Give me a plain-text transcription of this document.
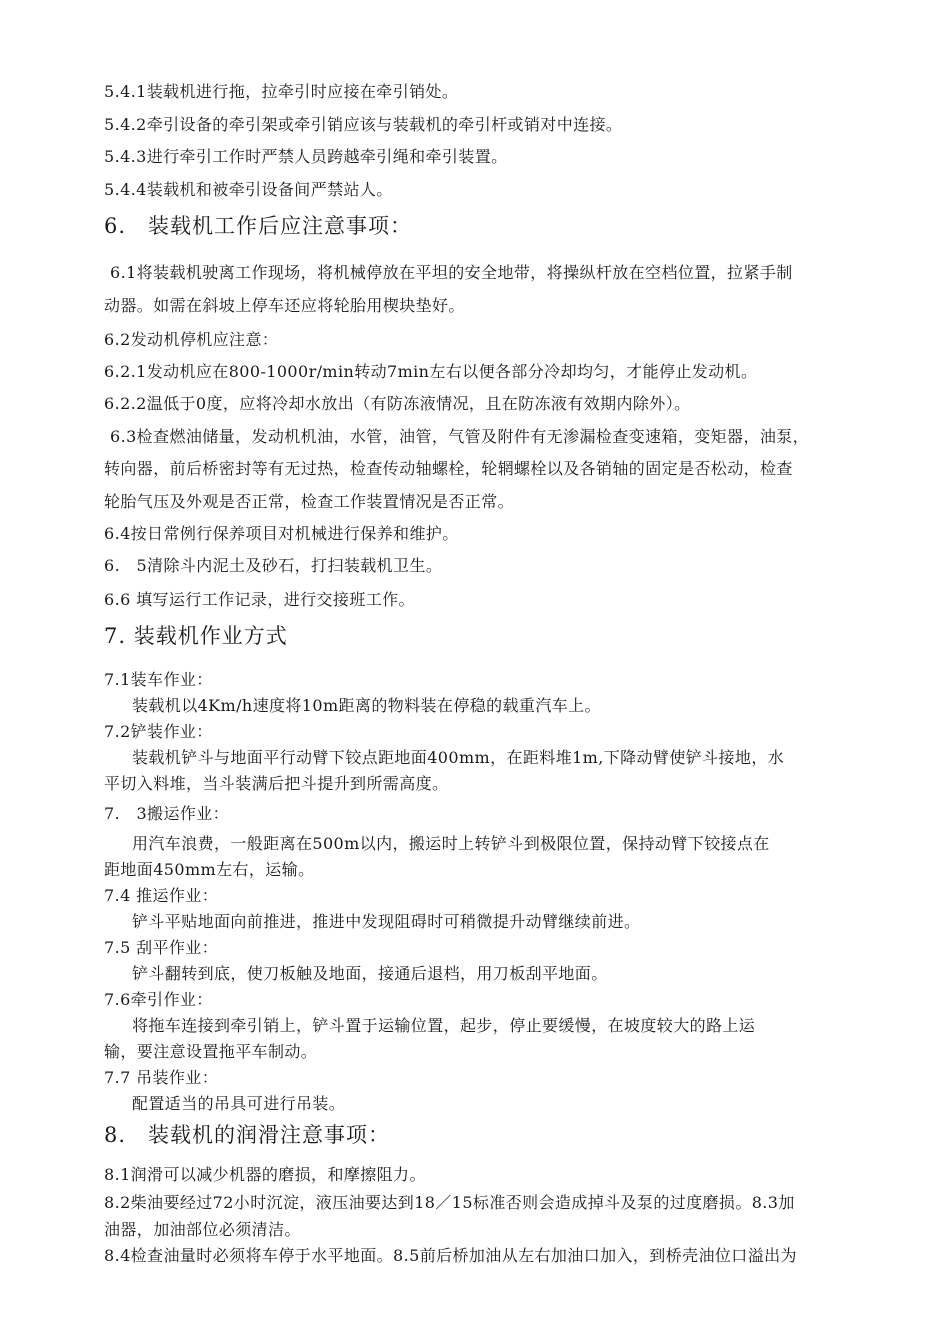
5.4.1装载机进行拖，拉牵引时应接在牵引销处。
5.4.2牵引设备的牵引架或牵引销应该与装载机的牵引杆或销对中连接。
5.4.3进行牵引工作时严禁人员跨越牵引绳和牵引装置。
5.4.4装载机和被牵引设备间严禁站人。
6.　装载机工作后应注意事项：
6.1将装载机驶离工作现场，将机械停放在平坦的安全地带，将操纵杆放在空档位置，拉紧手制
动器。如需在斜坡上停车还应将轮胎用楔块垫好。
6.2发动机停机应注意：
6.2.1发动机应在800-1000r/min转动7min左右以便各部分冷却均匀，才能停止发动机。
6.2.2温低于0度，应将冷却水放出（有防冻液情况，且在防冻液有效期内除外）。
6.3检查燃油储量，发动机机油，水管，油管，气管及附件有无渗漏检查变速箱，变矩器，油泵，
转向器，前后桥密封等有无过热，检查传动轴螺栓，轮辋螺栓以及各销轴的固定是否松动，检查
轮胎气压及外观是否正常，检查工作装置情况是否正常。
6.4按日常例行保养项目对机械进行保养和维护。
6.　5清除斗内泥土及砂石，打扫装载机卫生。
6.6 填写运行工作记录，进行交接班工作。
7. 装载机作业方式
7.1装车作业：
装载机以4Km/h速度将10m距离的物料装在停稳的载重汽车上。
7.2铲装作业：
装载机铲斗与地面平行动臂下铰点距地面400mm，在距料堆1m,下降动臂使铲斗接地，水
平切入料堆，当斗装满后把斗提升到所需高度。
7.　3搬运作业：
用汽车浪费，一般距离在500m以内，搬运时上转铲斗到极限位置，保持动臂下铰接点在
距地面450mm左右，运输。
7.4 推运作业：
铲斗平贴地面向前推进，推进中发现阻碍时可稍微提升动臂继续前进。
7.5 刮平作业：
铲斗翻转到底，使刀板触及地面，接通后退档，用刀板刮平地面。
7.6牵引作业：
将拖车连接到牵引销上，铲斗置于运输位置，起步，停止要缓慢，在坡度较大的路上运
输，要注意设置拖平车制动。
7.7 吊装作业：
配置适当的吊具可进行吊装。
8.　装载机的润滑注意事项：
8.1润滑可以减少机器的磨损，和摩擦阻力。
8.2柴油要经过72小时沉淀，液压油要达到18／15标准否则会造成掉斗及泵的过度磨损。8.3加
油器，加油部位必须清洁。
8.4检查油量时必须将车停于水平地面。8.5前后桥加油从左右加油口加入，到桥壳油位口溢出为
